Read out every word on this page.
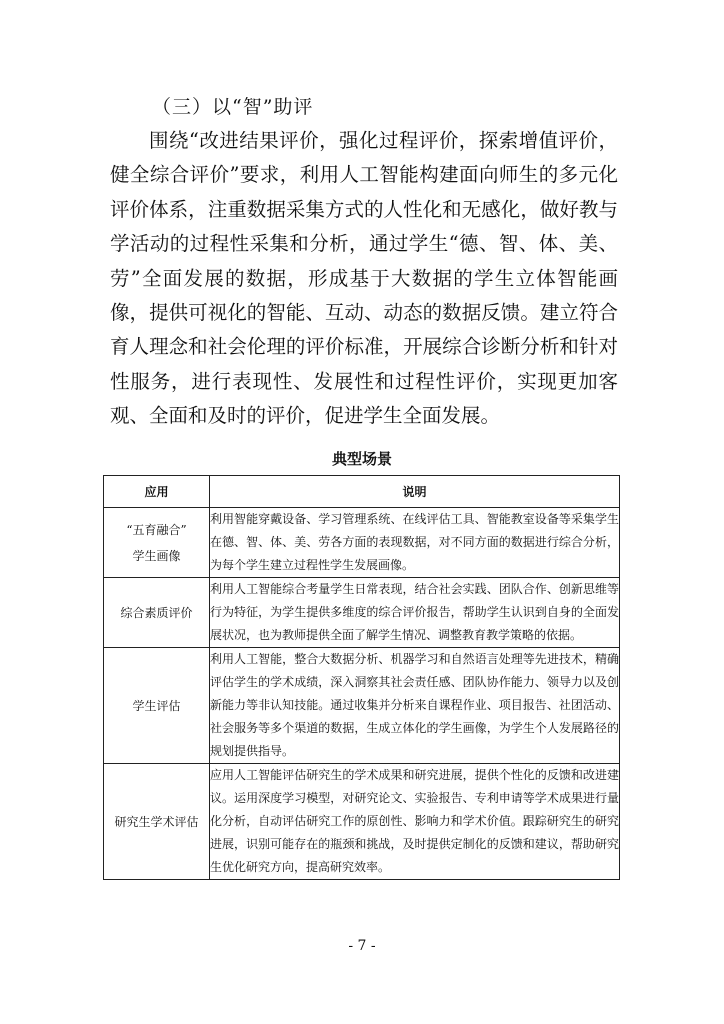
（三）以“智”助评

围绕“改进结果评价，强化过程评价，探索增值评价，健全综合评价”要求，利用人工智能构建面向师生的多元化评价体系，注重数据采集方式的人性化和无感化，做好教与学活动的过程性采集和分析，通过学生“德、智、体、美、劳”全面发展的数据，形成基于大数据的学生立体智能画像，提供可视化的智能、互动、动态的数据反馈。建立符合育人理念和社会伦理的评价标准，开展综合诊断分析和针对性服务，进行表现性、发展性和过程性评价，实现更加客观、全面和及时的评价，促进学生全面发展。

典型场景
应用	说明

“五育融合”
学生画像	利用智能穿戴设备、学习管理系统、在线评估工具、智能教室设备等采集学生在德、智、体、美、劳各方面的表现数据，对不同方面的数据进行综合分析，为每个学生建立过程性学生发展画像。
综合素质评价	利用人工智能综合考量学生日常表现，结合社会实践、团队合作、创新思维等行为特征，为学生提供多维度的综合评价报告，帮助学生认识到自身的全面发展状况，也为教师提供全面了解学生情况、调整教育教学策略的依据。
学生评估	利用人工智能，整合大数据分析、机器学习和自然语言处理等先进技术，精确评估学生的学术成绩，深入洞察其社会责任感、团队协作能力、领导力以及创新能力等非认知技能。通过收集并分析来自课程作业、项目报告、社团活动、社会服务等多个渠道的数据，生成立体化的学生画像，为学生个人发展路径的规划提供指导。
研究生学术评估	应用人工智能评估研究生的学术成果和研究进展，提供个性化的反馈和改进建议。运用深度学习模型，对研究论文、实验报告、专利申请等学术成果进行量化分析，自动评估研究工作的原创性、影响力和学术价值。跟踪研究生的研究进展，识别可能存在的瓶颈和挑战，及时提供定制化的反馈和建议，帮助研究生优化研究方向，提高研究效率。
- 7 -
